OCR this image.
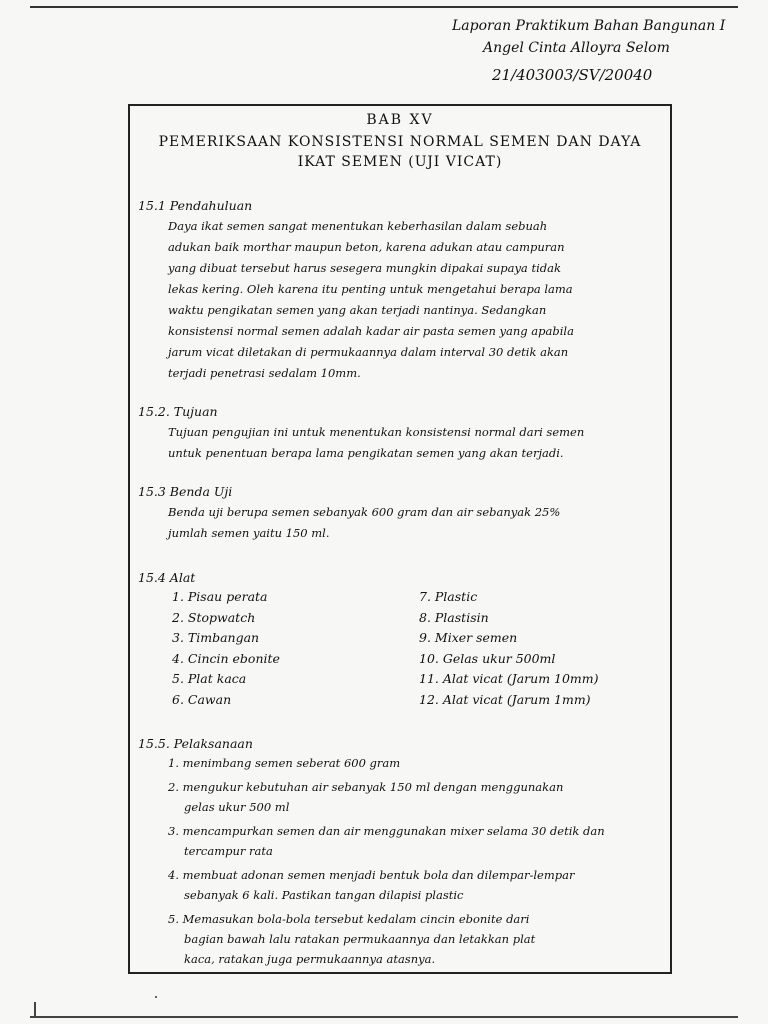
Laporan Praktikum Bahan Bangunan I
Angel Cinta Alloyra Selom
21/403003/SV/20040
BAB XV
PEMERIKSAAN KONSISTENSI NORMAL SEMEN DAN DAYA
IKAT SEMEN (UJI VICAT)
15.1 Pendahuluan

Daya ikat semen sangat menentukan keberhasilan dalam sebuah

adukan baik morthar maupun beton, karena adukan atau campuran

yang dibuat tersebut harus sesegera mungkin dipakai supaya tidak

lekas kering. Oleh karena itu penting untuk mengetahui berapa lama

waktu pengikatan semen yang akan terjadi nantinya. Sedangkan

konsistensi normal semen adalah kadar air pasta semen yang apabila

jarum vicat diletakan di permukaannya dalam interval 30 detik akan

terjadi penetrasi sedalam 10mm.

15.2. Tujuan

Tujuan pengujian ini untuk menentukan konsistensi normal dari semen

untuk penentuan berapa lama pengikatan semen yang akan terjadi.

15.3 Benda Uji

Benda uji berupa semen sebanyak 600 gram dan air sebanyak 25%

jumlah semen yaitu 150 ml.

15.4 Alat
1. Pisau perata
2. Stopwatch
3. Timbangan
4. Cincin ebonite
5. Plat kaca
6. Cawan
7. Plastic
8. Plastisin
9. Mixer semen
10. Gelas ukur 500ml
11. Alat vicat (Jarum 10mm)
12. Alat vicat (Jarum 1mm)
15.5. Pelaksanaan

1. menimbang semen seberat 600 gram

2. mengukur kebutuhan air sebanyak 150 ml dengan menggunakan

gelas ukur 500 ml

3. mencampurkan semen dan air menggunakan mixer selama 30 detik dan

tercampur rata

4. membuat adonan semen menjadi bentuk bola dan dilempar-lempar

sebanyak 6 kali. Pastikan tangan dilapisi plastic

5. Memasukan bola-bola tersebut kedalam cincin ebonite dari

bagian bawah lalu ratakan permukaannya dan letakkan plat

kaca, ratakan juga permukaannya atasnya.
